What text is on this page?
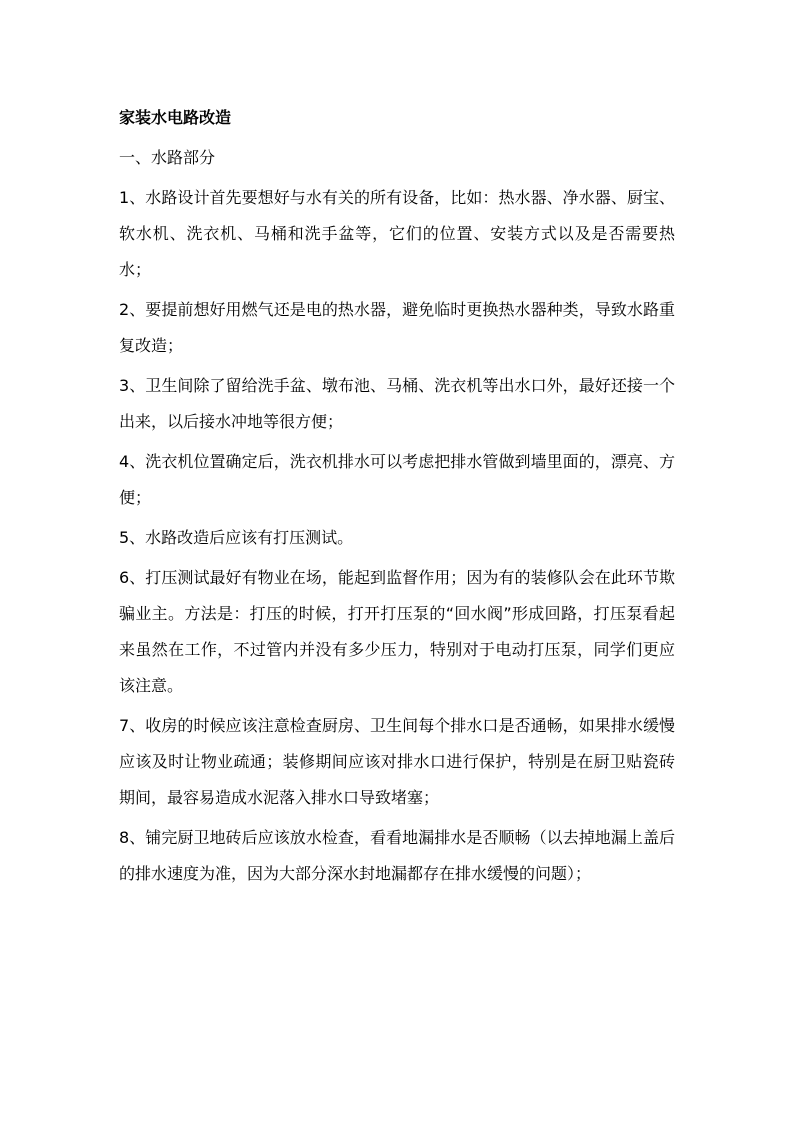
家装水电路改造
一、水路部分

1、水路设计首先要想好与水有关的所有设备，比如：热水器、净水器、厨宝、软水机、洗衣机、马桶和洗手盆等，它们的位置、安装方式以及是否需要热水；

2、要提前想好用燃气还是电的热水器，避免临时更换热水器种类，导致水路重复改造；

3、卫生间除了留给洗手盆、墩布池、马桶、洗衣机等出水口外，最好还接一个出来，以后接水冲地等很方便；

4、洗衣机位置确定后，洗衣机排水可以考虑把排水管做到墙里面的，漂亮、方便；

5、水路改造后应该有打压测试。

6、打压测试最好有物业在场，能起到监督作用；因为有的装修队会在此环节欺骗业主。方法是：打压的时候，打开打压泵的“回水阀”形成回路，打压泵看起来虽然在工作，不过管内并没有多少压力，特别对于电动打压泵，同学们更应该注意。

7、收房的时候应该注意检查厨房、卫生间每个排水口是否通畅，如果排水缓慢应该及时让物业疏通；装修期间应该对排水口进行保护，特别是在厨卫贴瓷砖期间，最容易造成水泥落入排水口导致堵塞；

8、铺完厨卫地砖后应该放水检查，看看地漏排水是否顺畅（以去掉地漏上盖后的排水速度为准，因为大部分深水封地漏都存在排水缓慢的问题）；
